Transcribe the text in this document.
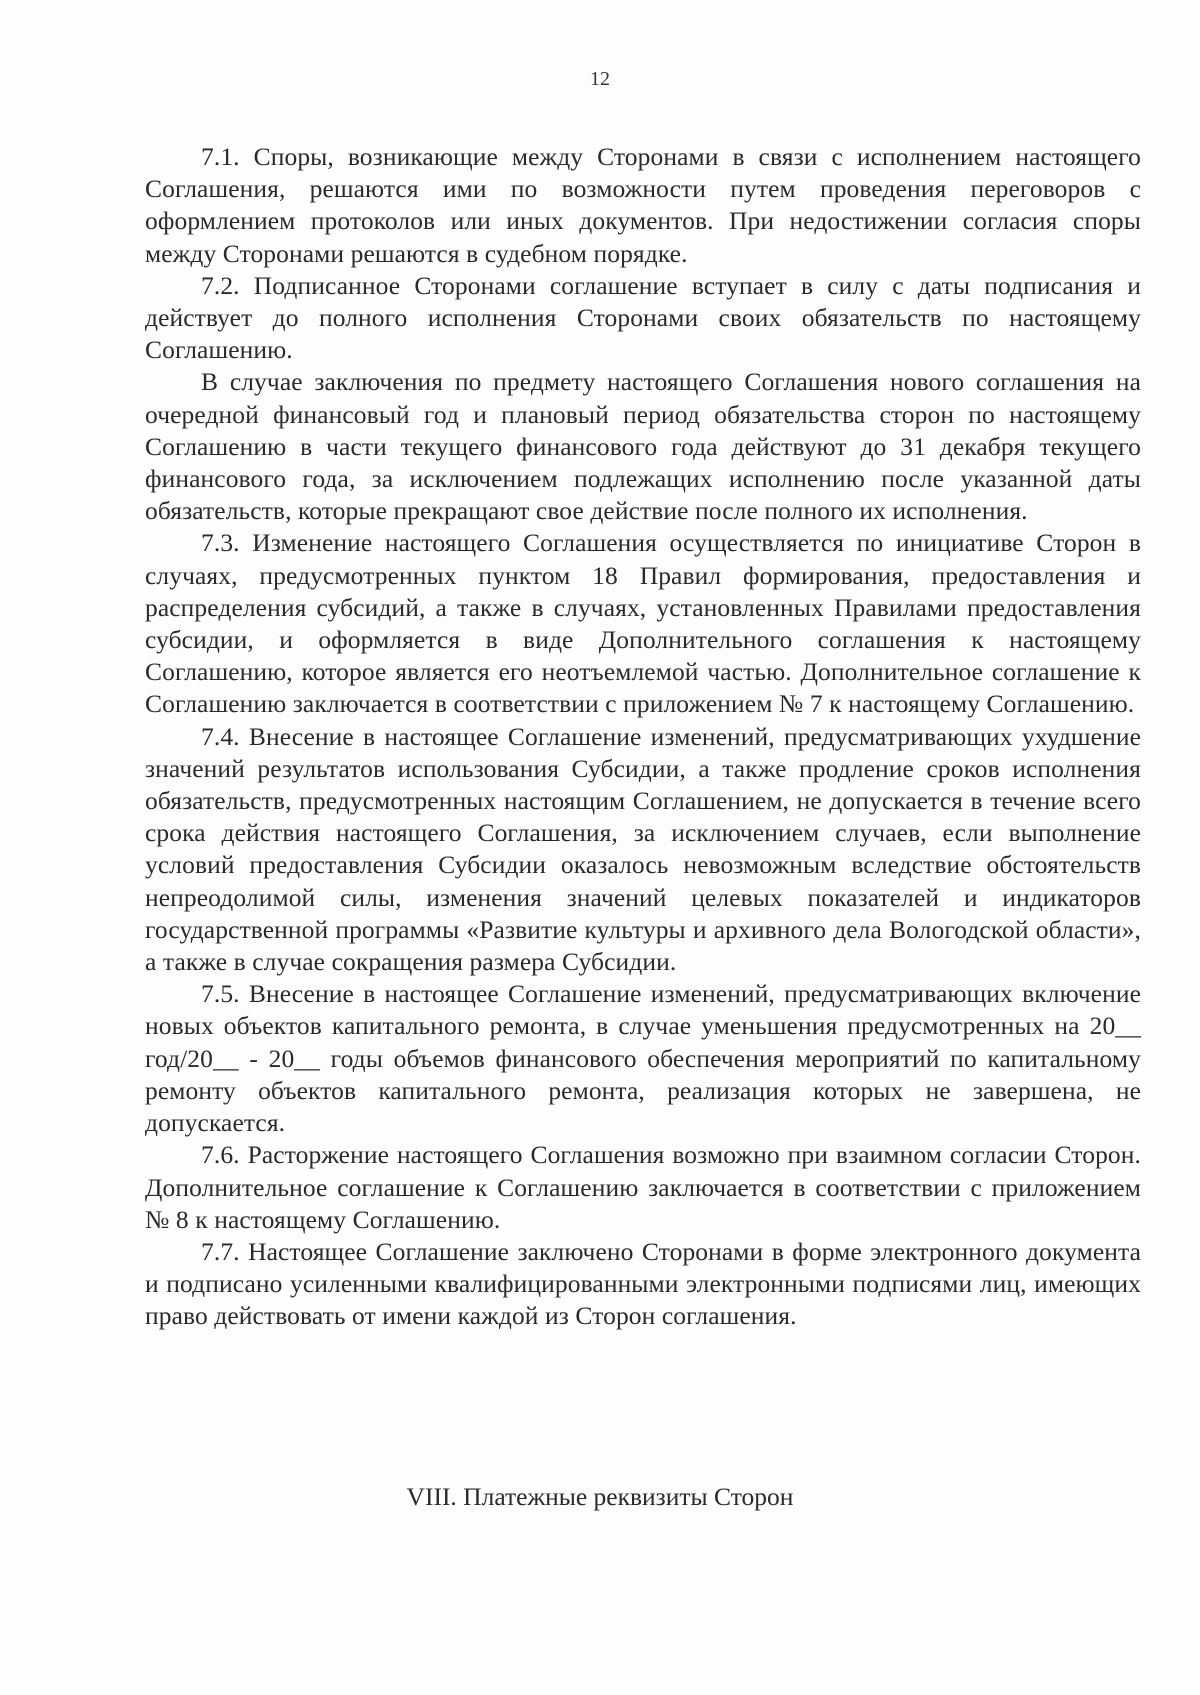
12

7.1. Споры, возникающие между Сторонами в связи с исполнением настоящего Соглашения, решаются ими по возможности путем проведения переговоров с оформлением протоколов или иных документов. При недостижении согласия споры между Сторонами решаются в судебном порядке.

7.2. Подписанное Сторонами соглашение вступает в силу с даты подписания и действует до полного исполнения Сторонами своих обязательств по настоящему Соглашению.

В случае заключения по предмету настоящего Соглашения нового соглашения на очередной финансовый год и плановый период обязательства сторон по настоящему Соглашению в части текущего финансового года действуют до 31 декабря текущего финансового года, за исключением подлежащих исполнению после указанной даты обязательств, которые прекращают свое действие после полного их исполнения.

7.3. Изменение настоящего Соглашения осуществляется по инициативе Сторон в случаях, предусмотренных пунктом 18 Правил формирования, предоставления и распределения субсидий, а также в случаях, установленных Правилами предоставления субсидии, и оформляется в виде Дополнительного соглашения к настоящему Соглашению, которое является его неотъемлемой частью. Дополнительное соглашение к Соглашению заключается в соответствии с приложением № 7 к настоящему Соглашению.

7.4. Внесение в настоящее Соглашение изменений, предусматривающих ухудшение значений результатов использования Субсидии, а также продление сроков исполнения обязательств, предусмотренных настоящим Соглашением, не допускается в течение всего срока действия настоящего Соглашения, за исключением случаев, если выполнение условий предоставления Субсидии оказалось невозможным вследствие обстоятельств непреодолимой силы, изменения значений целевых показателей и индикаторов государственной программы «Развитие культуры и архивного дела Вологодской области», а также в случае сокращения размера Субсидии.

7.5. Внесение в настоящее Соглашение изменений, предусматривающих включение новых объектов капитального ремонта, в случае уменьшения предусмотренных на 20__ год/20__ - 20__ годы объемов финансового обеспечения мероприятий по капитальному ремонту объектов капитального ремонта, реализация которых не завершена, не допускается.

7.6. Расторжение настоящего Соглашения возможно при взаимном согласии Сторон. Дополнительное соглашение к Соглашению заключается в соответствии с приложением № 8 к настоящему Соглашению.

7.7. Настоящее Соглашение заключено Сторонами в форме электронного документа и подписано усиленными квалифицированными электронными подписями лиц, имеющих право действовать от имени каждой из Сторон соглашения.

VIII. Платежные реквизиты Сторон
